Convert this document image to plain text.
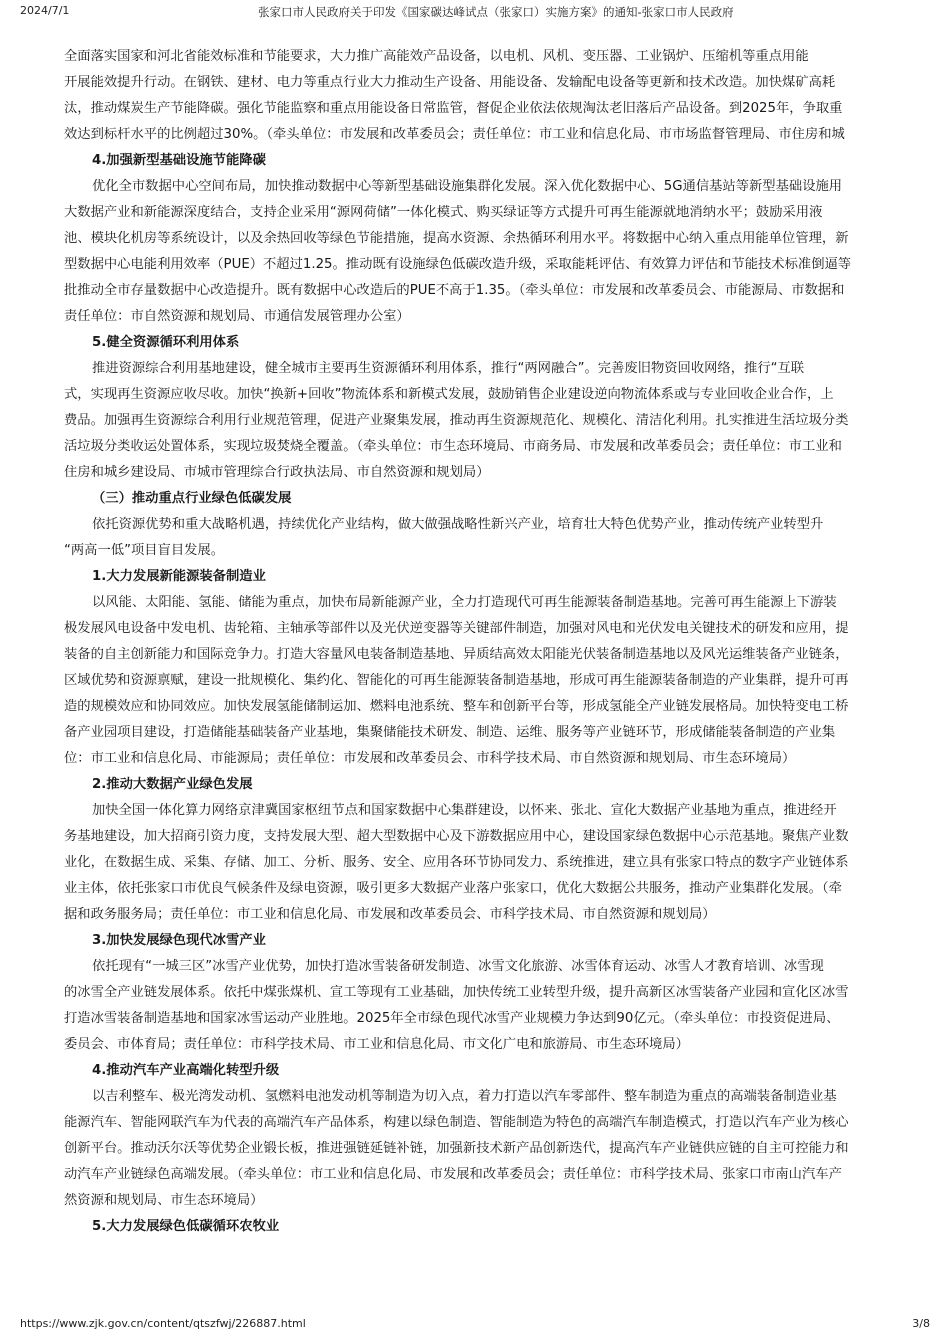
2024/7/1	张家口市人民政府关于印发《国家碳达峰试点（张家口）实施方案》的通知-张家口市人民政府
全面落实国家和河北省能效标准和节能要求，大力推广高能效产品设备，以电机、风机、变压器、工业锅炉、压缩机等重点用能
开展能效提升行动。在钢铁、建材、电力等重点行业大力推动生产设备、用能设备、发输配电设备等更新和技术改造。加快煤矿高耗
汰，推动煤炭生产节能降碳。强化节能监察和重点用能设备日常监管，督促企业依法依规淘汰老旧落后产品设备。到2025年，争取重
效达到标杆水平的比例超过30%。（牵头单位：市发展和改革委员会；责任单位：市工业和信息化局、市市场监督管理局、市住房和城
4.加强新型基础设施节能降碳
优化全市数据中心空间布局，加快推动数据中心等新型基础设施集群化发展。深入优化数据中心、5G通信基站等新型基础设施用
大数据产业和新能源深度结合，支持企业采用“源网荷储”一体化模式、购买绿证等方式提升可再生能源就地消纳水平；鼓励采用液
池、模块化机房等系统设计，以及余热回收等绿色节能措施，提高水资源、余热循环利用水平。将数据中心纳入重点用能单位管理，新
型数据中心电能利用效率（PUE）不超过1.25。推动既有设施绿色低碳改造升级，采取能耗评估、有效算力评估和节能技术标准倒逼等
批推动全市存量数据中心改造提升。既有数据中心改造后的PUE不高于1.35。（牵头单位：市发展和改革委员会、市能源局、市数据和
责任单位：市自然资源和规划局、市通信发展管理办公室）
5.健全资源循环利用体系
推进资源综合利用基地建设，健全城市主要再生资源循环利用体系，推行“两网融合”。完善废旧物资回收网络，推行“互联
式，实现再生资源应收尽收。加快“换新+回收”物流体系和新模式发展，鼓励销售企业建设逆向物流体系或与专业回收企业合作，上
费品。加强再生资源综合利用行业规范管理，促进产业聚集发展，推动再生资源规范化、规模化、清洁化利用。扎实推进生活垃圾分类
活垃圾分类收运处置体系，实现垃圾焚烧全覆盖。（牵头单位：市生态环境局、市商务局、市发展和改革委员会；责任单位：市工业和
住房和城乡建设局、市城市管理综合行政执法局、市自然资源和规划局）
（三）推动重点行业绿色低碳发展
依托资源优势和重大战略机遇，持续优化产业结构，做大做强战略性新兴产业，培育壮大特色优势产业，推动传统产业转型升
“两高一低”项目盲目发展。
1.大力发展新能源装备制造业
以风能、太阳能、氢能、储能为重点，加快布局新能源产业，全力打造现代可再生能源装备制造基地。完善可再生能源上下游装
极发展风电设备中发电机、齿轮箱、主轴承等部件以及光伏逆变器等关键部件制造，加强对风电和光伏发电关键技术的研发和应用，提
装备的自主创新能力和国际竞争力。打造大容量风电装备制造基地、异质结高效太阳能光伏装备制造基地以及风光运维装备产业链条，
区域优势和资源禀赋，建设一批规模化、集约化、智能化的可再生能源装备制造基地，形成可再生能源装备制造的产业集群，提升可再
造的规模效应和协同效应。加快发展氢能储制运加、燃料电池系统、整车和创新平台等，形成氢能全产业链发展格局。加快特变电工桥
备产业园项目建设，打造储能基础装备产业基地，集聚储能技术研发、制造、运维、服务等产业链环节，形成储能装备制造的产业集
位：市工业和信息化局、市能源局；责任单位：市发展和改革委员会、市科学技术局、市自然资源和规划局、市生态环境局）
2.推动大数据产业绿色发展
加快全国一体化算力网络京津冀国家枢纽节点和国家数据中心集群建设，以怀来、张北、宣化大数据产业基地为重点，推进经开
务基地建设，加大招商引资力度，支持发展大型、超大型数据中心及下游数据应用中心，建设国家绿色数据中心示范基地。聚焦产业数
业化，在数据生成、采集、存储、加工、分析、服务、安全、应用各环节协同发力、系统推进，建立具有张家口特点的数字产业链体系
业主体，依托张家口市优良气候条件及绿电资源，吸引更多大数据产业落户张家口，优化大数据公共服务，推动产业集群化发展。（牵
据和政务服务局；责任单位：市工业和信息化局、市发展和改革委员会、市科学技术局、市自然资源和规划局）
3.加快发展绿色现代冰雪产业
依托现有“一城三区”冰雪产业优势，加快打造冰雪装备研发制造、冰雪文化旅游、冰雪体育运动、冰雪人才教育培训、冰雪现
的冰雪全产业链发展体系。依托中煤张煤机、宣工等现有工业基础，加快传统工业转型升级，提升高新区冰雪装备产业园和宣化区冰雪
打造冰雪装备制造基地和国家冰雪运动产业胜地。2025年全市绿色现代冰雪产业规模力争达到90亿元。（牵头单位：市投资促进局、
委员会、市体育局；责任单位：市科学技术局、市工业和信息化局、市文化广电和旅游局、市生态环境局）
4.推动汽车产业高端化转型升级
以吉利整车、极光湾发动机、氢燃料电池发动机等制造为切入点，着力打造以汽车零部件、整车制造为重点的高端装备制造业基
能源汽车、智能网联汽车为代表的高端汽车产品体系，构建以绿色制造、智能制造为特色的高端汽车制造模式，打造以汽车产业为核心
创新平台。推动沃尔沃等优势企业锻长板，推进强链延链补链，加强新技术新产品创新迭代，提高汽车产业链供应链的自主可控能力和
动汽车产业链绿色高端发展。（牵头单位：市工业和信息化局、市发展和改革委员会；责任单位：市科学技术局、张家口市南山汽车产
然资源和规划局、市生态环境局）
5.大力发展绿色低碳循环农牧业
https://www.zjk.gov.cn/content/qtszfwj/226887.html	3/8
